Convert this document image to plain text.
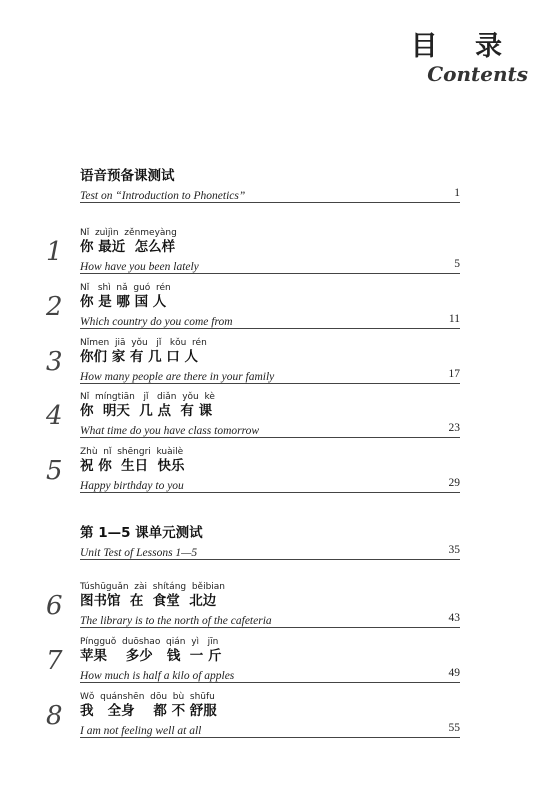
目 录
Contents
语音预备课测试
Test on “Introduction to Phonetics”	1
1
Nǐ  zuìjìn  zěnmeyàng
你 最近  怎么样
How have you been lately	5
2
Nǐ   shì  nǎ  guó  rén
你 是 哪 国 人
Which country do you come from	11
3
Nǐmen  jiā  yǒu   jǐ   kǒu  rén
你们 家 有 几 口 人
How many people are there in your family	17
4
Nǐ  míngtiān   jǐ   diǎn  yǒu  kè
你  明天  几 点  有 课
What time do you have class tomorrow	23
5
Zhù  nǐ  shēngri  kuàilè
祝 你  生日  快乐
Happy birthday to you	29
第 1—5 课单元测试
Unit Test of Lessons 1—5	35
6
Túshūguǎn  zài  shítáng  běibian
图书馆  在  食堂  北边
The library is to the north of the cafeteria	43
7
Píngguǒ  duōshao  qián  yì   jīn
苹果    多少   钱  一 斤
How much is half a kilo of apples	49
8
Wǒ  quánshēn  dōu  bù  shūfu
我   全身    都 不 舒服
I am not feeling well at all	55
